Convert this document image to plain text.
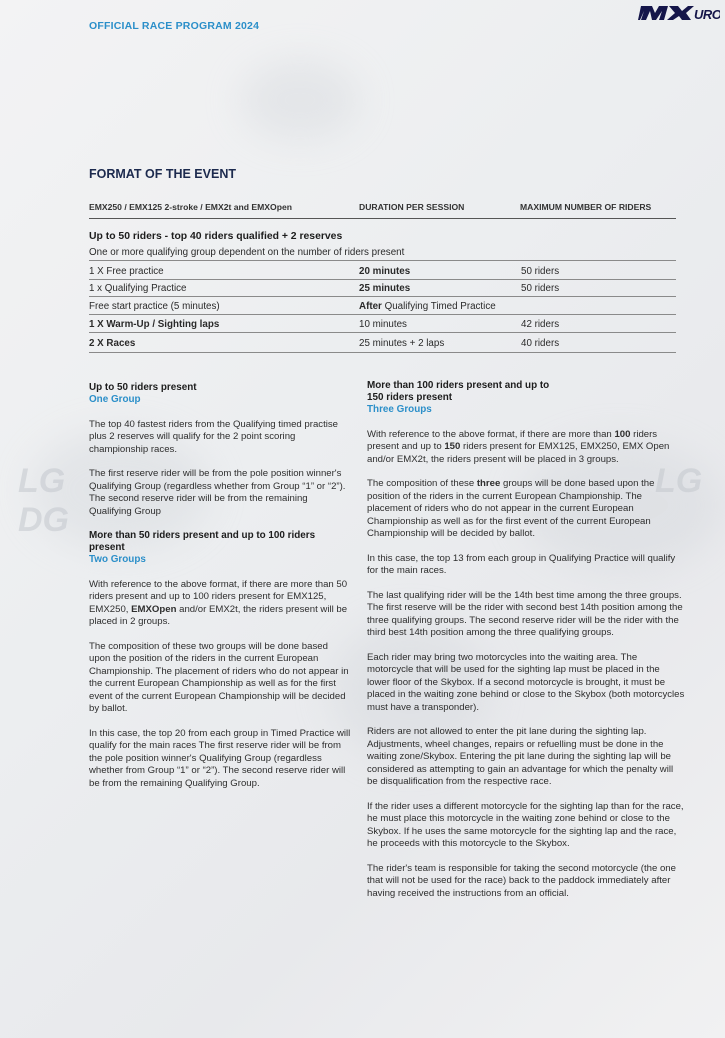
LG
DG
LG
OFFICIAL RACE PROGRAM 2024
URO
FORMAT OF THE EVENT
EMX250 / EMX125 2-stroke / EMX2t and EMXOpen	DURATION PER SESSION	MAXIMUM NUMBER OF RIDERS
Up to 50 riders - top 40 riders qualified + 2 reserves
One or more qualifying group dependent on the number of riders present
1 X Free practice	20 minutes	50 riders
1 x Qualifying Practice	25 minutes	50 riders
Free start practice (5 minutes)	After Qualifying Timed Practice
1 X Warm-Up / Sighting laps	10 minutes	42 riders
2 X Races	25 minutes + 2 laps	40 riders

Up to 50 riders present

One Group

The top 40 fastest riders from the Qualifying timed practise plus 2 reserves will qualify for the 2 point scoring championship races.

The first reserve rider will be from the pole position winner's Qualifying Group (regardless whether from Group “1” or “2”). The second reserve rider will be from the remaining Qualifying Group

More than 50 riders present and up to 100 riders present

Two Groups

With reference to the above format, if there are more than 50 riders present and up to 100 riders present for EMX125, EMX250, EMXOpen and/or EMX2t, the riders present will be placed in 2 groups.

The composition of these two groups will be done based upon the position of the riders in the current European Championship. The placement of riders who do not appear in the current European Championship as well as for the first event of the current European Championship will be decided by ballot.

In this case, the top 20 from each group in Timed Practice will qualify for the main races The first reserve rider will be from the pole position winner's Qualifying Group (regardless whether from Group “1” or “2”). The second reserve rider will be from the remaining Qualifying Group.

More than 100 riders present and up to 150 riders present

Three Groups

With reference to the above format, if there are more than 100 riders present and up to 150 riders present for EMX125, EMX250, EMX Open and/or EMX2t, the riders present will be placed in 3 groups.

The composition of these three groups will be done based upon the position of the riders in the current European Championship. The placement of riders who do not appear in the current European Championship as well as for the first event of the current European Championship will be decided by ballot.

In this case, the top 13 from each group in Qualifying Practice will qualify for the main races.

The last qualifying rider will be the 14th best time among the three groups. The first reserve will be the rider with second best 14th position among the three qualifying groups. The second reserve rider will be the rider with the third best 14th position among the three qualifying groups.

Each rider may bring two motorcycles into the waiting area. The motorcycle that will be used for the sighting lap must be placed in the lower floor of the Skybox. If a second motorcycle is brought, it must be placed in the waiting zone behind or close to the Skybox (both motorcycles must have a transponder).

Riders are not allowed to enter the pit lane during the sighting lap. Adjustments, wheel changes, repairs or refuelling must be done in the waiting zone/Skybox. Entering the pit lane during the sighting lap will be considered as attempting to gain an advantage for which the penalty will be disqualification from the respective race.

If the rider uses a different motorcycle for the sighting lap than for the race, he must place this motorcycle in the waiting zone behind or close to the Skybox. If he uses the same motorcycle for the sighting lap and the race, he proceeds with this motorcycle to the Skybox.

The rider's team is responsible for taking the second motorcycle (the one that will not be used for the race) back to the paddock immediately after having received the instructions from an official.
